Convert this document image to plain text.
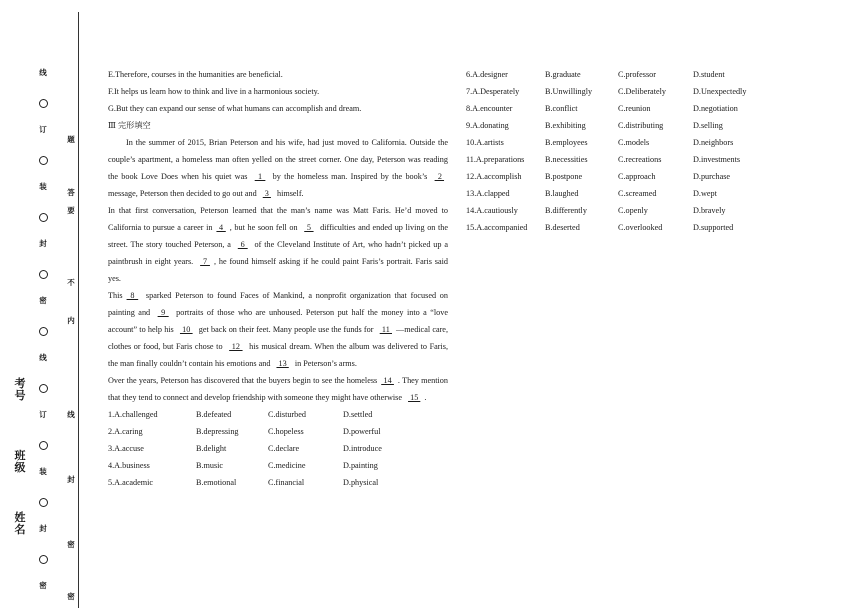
线
订
装
封
密
线
订
装
封
密
考号
班级
姓名
题
答
要
不
内
线
封
密
密

E.Therefore, courses in the humanities are beneficial.

F.It helps us learn how to think and live in a harmonious society.

G.But they can expand our sense of what humans can accomplish and dream.

Ⅲ 完形填空

In the summer of 2015, Brian Peterson and his wife, had just moved to California. Outside the couple’s apartment, a homeless man often yelled on the street corner. One day, Peterson was reading the book Love Does when his quiet was  1  by the homeless man. Inspired by the book’s  2  message, Peterson then decided to go out and  3  himself.

In that first conversation, Peterson learned that the man’s name was Matt Faris. He’d moved to California to pursue a career in 4 , but he soon fell on  5  difficulties and ended up living on the street. The story touched Peterson, a  6  of the Cleveland Institute of Art, who hadn’t picked up a paintbrush in eight years.  7 , he found himself asking if he could paint Faris’s portrait. Faris said yes.

This 8  sparked Peterson to found Faces of Mankind, a nonprofit organization that focused on painting and  9  portraits of those who are unhoused. Peterson put half the money into a “love account” to help his  10  get back on their feet. Many people use the funds for  11 —medical care, clothes or food, but Faris chose to  12  his musical dream. When the album was delivered to Faris, the man finally couldn’t contain his emotions and  13  in Peterson’s arms.

Over the years, Peterson has discovered that the buyers begin to see the homeless 14 . They mention that they tend to connect and develop friendship with someone they might have otherwise  15 .

1.A.challenged	B.defeated	C.disturbed	D.settled
2.A.caring	B.depressing	C.hopeless	D.powerful
3.A.accuse	B.delight	C.declare	D.introduce
4.A.business	B.music	C.medicine	D.painting
5.A.academic	B.emotional	C.financial	D.physical
6.A.designer	B.graduate	C.professor	D.student
7.A.Desperately	B.Unwillingly	C.Deliberately	D.Unexpectedly
8.A.encounter	B.conflict	C.reunion	D.negotiation
9.A.donating	B.exhibiting	C.distributing	D.selling
10.A.artists	B.employees	C.models	D.neighbors
11.A.preparations	B.necessities	C.recreations	D.investments
12.A.accomplish	B.postpone	C.approach	D.purchase
13.A.clapped	B.laughed	C.screamed	D.wept
14.A.cautiously	B.differently	C.openly	D.bravely
15.A.accompanied	B.deserted	C.overlooked	D.supported
